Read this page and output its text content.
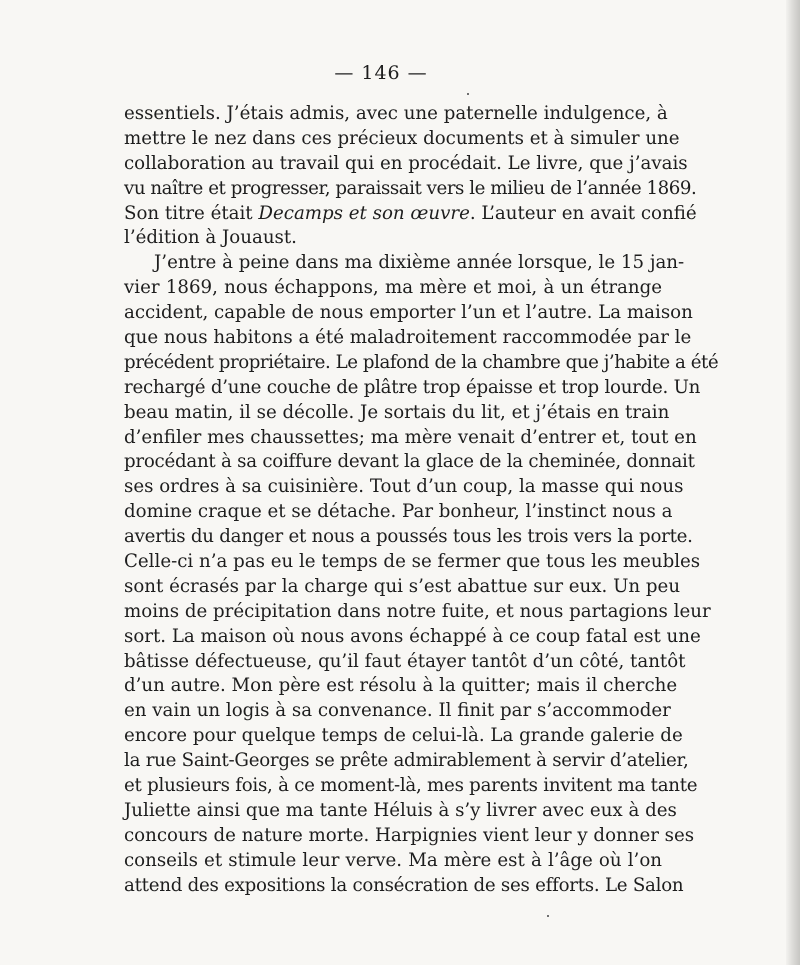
— 146 —
essentiels. J’étais admis, avec une paternelle indulgence, à
mettre le nez dans ces précieux documents et à simuler une
collaboration au travail qui en procédait. Le livre, que j’avais
vu naître et progresser, paraissait vers le milieu de l’année 1869.
Son titre était Decamps et son œuvre. L’auteur en avait confié
l’édition à Jouaust.
J’entre à peine dans ma dixième année lorsque, le 15 jan-
vier 1869, nous échappons, ma mère et moi, à un étrange
accident, capable de nous emporter l’un et l’autre. La maison
que nous habitons a été maladroitement raccommodée par le
précédent propriétaire. Le plafond de la chambre que j’habite a été
rechargé d’une couche de plâtre trop épaisse et trop lourde. Un
beau matin, il se décolle. Je sortais du lit, et j’étais en train
d’enfiler mes chaussettes; ma mère venait d’entrer et, tout en
procédant à sa coiffure devant la glace de la cheminée, donnait
ses ordres à sa cuisinière. Tout d’un coup, la masse qui nous
domine craque et se détache. Par bonheur, l’instinct nous a
avertis du danger et nous a poussés tous les trois vers la porte.
Celle-ci n’a pas eu le temps de se fermer que tous les meubles
sont écrasés par la charge qui s’est abattue sur eux. Un peu
moins de précipitation dans notre fuite, et nous partagions leur
sort. La maison où nous avons échappé à ce coup fatal est une
bâtisse défectueuse, qu’il faut étayer tantôt d’un côté, tantôt
d’un autre. Mon père est résolu à la quitter; mais il cherche
en vain un logis à sa convenance. Il finit par s’accommoder
encore pour quelque temps de celui-là. La grande galerie de
la rue Saint-Georges se prête admirablement à servir d’atelier,
et plusieurs fois, à ce moment-là, mes parents invitent ma tante
Juliette ainsi que ma tante Héluis à s’y livrer avec eux à des
concours de nature morte. Harpignies vient leur y donner ses
conseils et stimule leur verve. Ma mère est à l’âge où l’on
attend des expositions la consécration de ses efforts. Le Salon
